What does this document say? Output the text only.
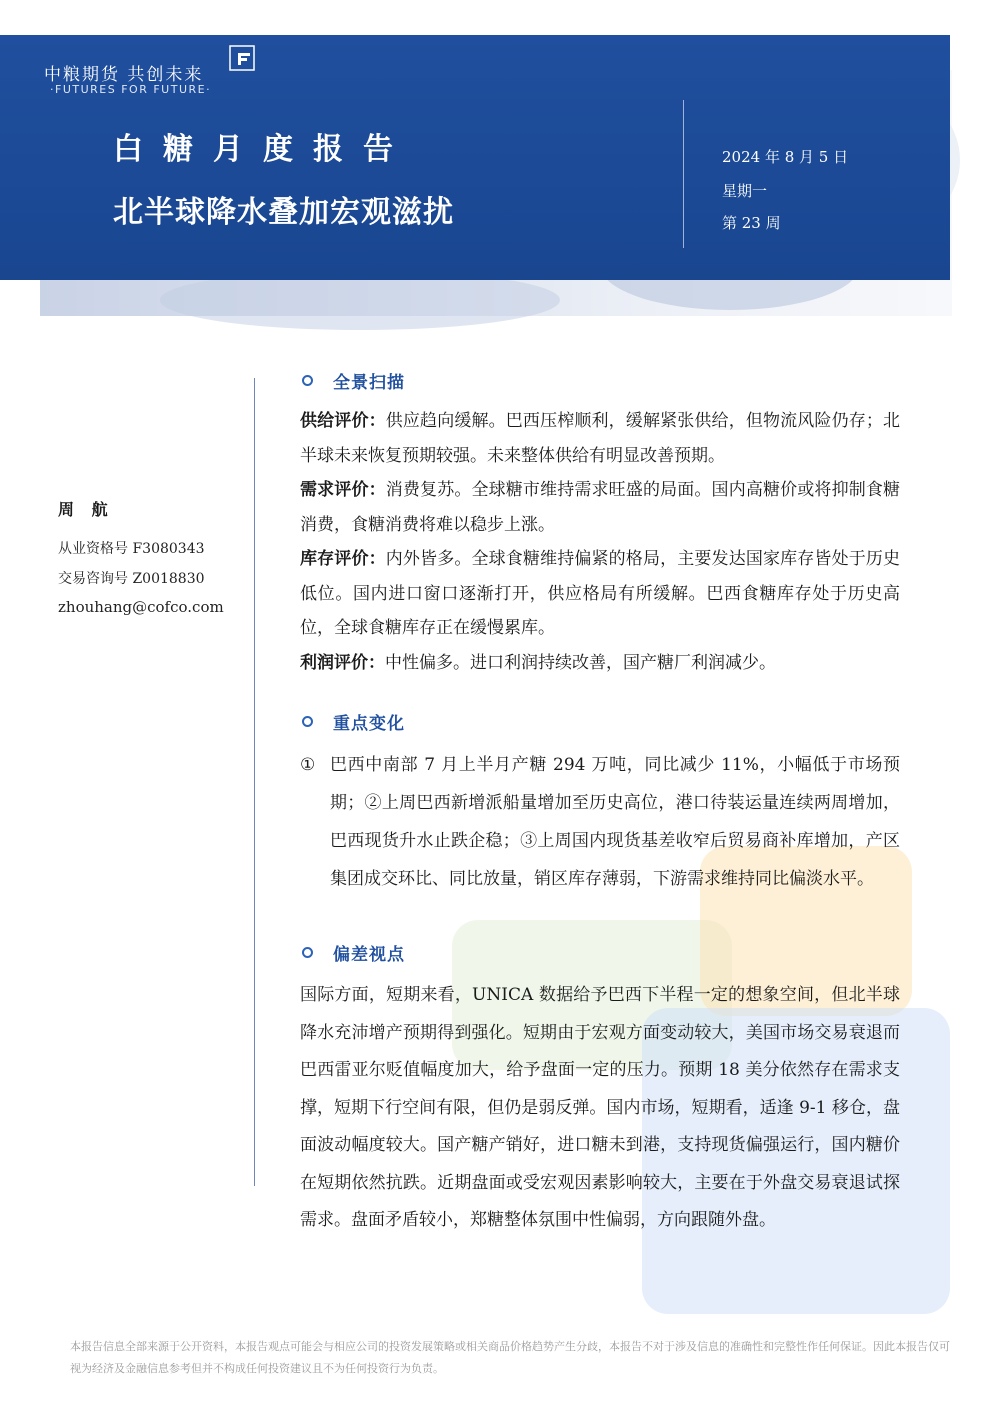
中粮期货 共创未来
·FUTURES FOR FUTURE·
白糖月度报告
北半球降水叠加宏观滋扰
2024 年 8 月 5 日
星期一
第 23 周
周 航
从业资格号 F3080343
交易咨询号 Z0018830
zhouhang@cofco.com
全景扫描
供给评价：供应趋向缓解。巴西压榨顺利，缓解紧张供给，但物流风险仍存；北半球未来恢复预期较强。未来整体供给有明显改善预期。
需求评价：消费复苏。全球糖市维持需求旺盛的局面。国内高糖价或将抑制食糖消费，食糖消费将难以稳步上涨。
库存评价：内外皆多。全球食糖维持偏紧的格局，主要发达国家库存皆处于历史低位。国内进口窗口逐渐打开，供应格局有所缓解。巴西食糖库存处于历史高位，全球食糖库存正在缓慢累库。
利润评价：中性偏多。进口利润持续改善，国产糖厂利润减少。
重点变化
① 巴西中南部 7 月上半月产糖 294 万吨，同比减少 11%，小幅低于市场预期；②上周巴西新增派船量增加至历史高位，港口待装运量连续两周增加，巴西现货升水止跌企稳；③上周国内现货基差收窄后贸易商补库增加，产区集团成交环比、同比放量，销区库存薄弱，下游需求维持同比偏淡水平。
偏差视点
国际方面，短期来看，UNICA 数据给予巴西下半程一定的想象空间，但北半球降水充沛增产预期得到强化。短期由于宏观方面变动较大，美国市场交易衰退而巴西雷亚尔贬值幅度加大，给予盘面一定的压力。预期 18 美分依然存在需求支撑，短期下行空间有限，但仍是弱反弹。国内市场，短期看，适逢 9-1 移仓，盘面波动幅度较大。国产糖产销好，进口糖未到港，支持现货偏强运行，国内糖价在短期依然抗跌。近期盘面或受宏观因素影响较大，主要在于外盘交易衰退试探需求。盘面矛盾较小，郑糖整体氛围中性偏弱，方向跟随外盘。
本报告信息全部来源于公开资料，本报告观点可能会与相应公司的投资发展策略或相关商品价格趋势产生分歧，本报告不对于涉及信息的准确性和完整性作任何保证。因此本报告仅可视为经济及金融信息参考但并不构成任何投资建议且不为任何投资行为负责。
